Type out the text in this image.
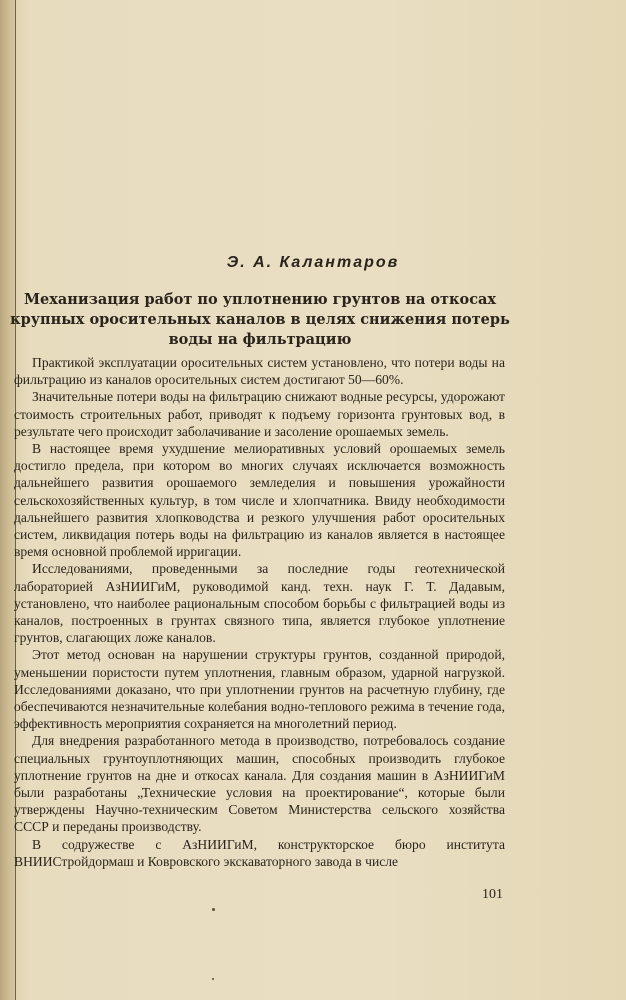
Э. А. Калантаров
Механизация работ по уплотнению грунтов на откосах крупных оросительных каналов в целях снижения потерь воды на фильтрацию

Практикой эксплуатации оросительных систем установлено, что потери воды на фильтрацию из каналов оросительных систем достигают 50—60%.

Значительные потери воды на фильтрацию снижают водные ресурсы, удорожают стоимость строительных работ, приводят к подъему горизонта грунтовых вод, в результате чего происходит заболачивание и засоление орошаемых земель.

В настоящее время ухудшение мелиоративных условий орошаемых земель достигло предела, при котором во многих случаях исключается возможность дальнейшего развития орошаемого земледелия и повышения урожайности сельскохозяйственных культур, в том числе и хлопчатника. Ввиду необходимости дальнейшего развития хлопководства и резкого улучшения работ оросительных систем, ликвидация потерь воды на фильтрацию из каналов является в настоящее время основной проблемой ирригации.

Исследованиями, проведенными за последние годы геотехнической лабораторией АзНИИГиМ, руководимой канд. техн. наук Г. Т. Дадавым, установлено, что наиболее рациональным способом борьбы с фильтрацией воды из каналов, построенных в грунтах связного типа, является глубокое уплотнение грунтов, слагающих ложе каналов.

Этот метод основан на нарушении структуры грунтов, созданной природой, уменьшении пористости путем уплотнения, главным образом, ударной нагрузкой. Исследованиями доказано, что при уплотнении грунтов на расчетную глубину, где обеспечиваются незначительные колебания водно-теплового режима в течение года, эффективность мероприятия сохраняется на многолетний период.

Для внедрения разработанного метода в производство, потребовалось создание специальных грунтоуплотняющих машин, способных производить глубокое уплотнение грунтов на дне и откосах канала. Для создания машин в АзНИИГиМ были разработаны „Технические условия на проектирование“, которые были утверждены Научно-техническим Советом Министерства сельского хозяйства СССР и переданы производству.

В содружестве с АзНИИГиМ, конструкторское бюро института ВНИИСтройдормаш и Ковровского экскаваторного завода в числе

101
